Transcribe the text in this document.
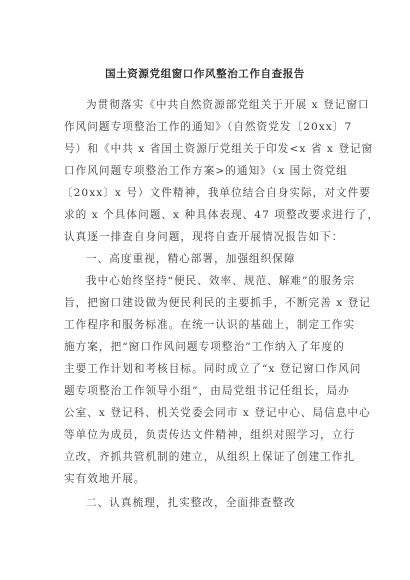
国土资源党组窗口作风整治工作自查报告
为贯彻落实《中共自然资源部党组关于开展 x 登记窗口
作风问题专项整治工作的通知》（自然资党发〔20xx〕7
号）和《中共 x 省国土资源厅党组关于印发<x 省 x 登记窗
口作风问题专项整治工作方案>的通知》（x 国土资党组
〔20xx〕x 号）文件精神，我单位结合自身实际，对文件要
求的 x 个具体问题、x 种具体表现、47 项整改要求进行了，
认真逐一排查自身问题，现将自查开展情况报告如下：
一、高度重视，精心部署，加强组织保障
我中心始终坚持“便民、效率、规范、解难”的服务宗
旨，把窗口建设做为便民利民的主要抓手，不断完善 x 登记
工作程序和服务标准。在统一认识的基础上，制定工作实
施方案，把“窗口作风问题专项整治”工作纳入了年度的
主要工作计划和考核目标。同时成立了“x 登记窗口作风问
题专项整治工作领导小组”，由局党组书记任组长，局办
公室、x 登记科、机关党委会同市 x 登记中心、局信息中心
等单位为成员，负责传达文件精神，组织对照学习，立行
立改，齐抓共管机制的建立，从组织上保证了创建工作扎
实有效地开展。
二、认真梳理，扎实整改，全面排查整改
